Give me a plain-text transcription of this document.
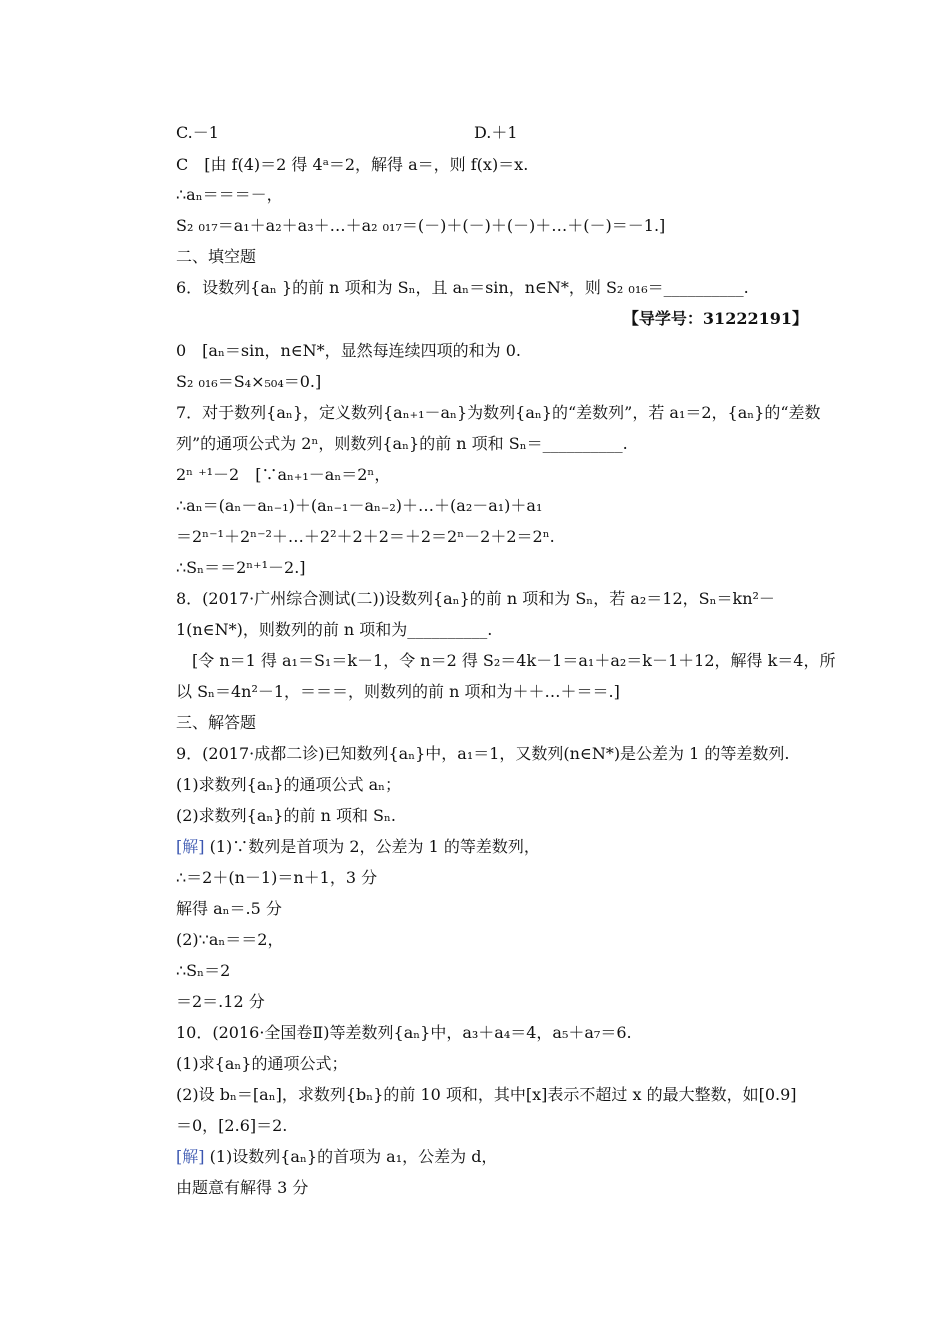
C.－1
C　[由 f(4)＝2 得 4ᵃ＝2，解得 a＝，则 f(x)＝x.
∴aₙ＝＝＝－，
S₂ ₀₁₇＝a₁＋a₂＋a₃＋…＋a₂ ₀₁₇＝(－)＋(－)＋(－)＋…＋(－)＝－1.]
二、填空题
6．设数列{aₙ }的前 n 项和为 Sₙ，且 aₙ＝sin，n∈N*，则 S₂ ₀₁₆＝__________.
0　[aₙ＝sin，n∈N*，显然每连续四项的和为 0.
S₂ ₀₁₆＝S₄×₅₀₄＝0.]
7．对于数列{aₙ}，定义数列{aₙ₊₁－aₙ}为数列{aₙ}的“差数列”，若 a₁＝2，{aₙ}的“差数
列”的通项公式为 2ⁿ，则数列{aₙ}的前 n 项和 Sₙ＝__________.
2ⁿ ⁺¹－2　[∵aₙ₊₁－aₙ＝2ⁿ，
∴aₙ＝(aₙ－aₙ₋₁)＋(aₙ₋₁－aₙ₋₂)＋…＋(a₂－a₁)＋a₁
＝2ⁿ⁻¹＋2ⁿ⁻²＋…＋2²＋2＋2＝＋2＝2ⁿ－2＋2＝2ⁿ.
∴Sₙ＝＝2ⁿ⁺¹－2.]
8．(2017·广州综合测试(二))设数列{aₙ}的前 n 项和为 Sₙ，若 a₂＝12，Sₙ＝kn²－
1(n∈N*)，则数列的前 n 项和为__________.
　[令 n＝1 得 a₁＝S₁＝k－1，令 n＝2 得 S₂＝4k－1＝a₁＋a₂＝k－1＋12，解得 k＝4，所
以 Sₙ＝4n²－1，＝＝＝，则数列的前 n 项和为＋＋…＋＝＝.]
三、解答题
9．(2017·成都二诊)已知数列{aₙ}中，a₁＝1，又数列(n∈N*)是公差为 1 的等差数列.
(1)求数列{aₙ}的通项公式 aₙ；
(2)求数列{aₙ}的前 n 项和 Sₙ.
[解] (1)∵数列是首项为 2，公差为 1 的等差数列，
∴＝2＋(n－1)＝n＋1，3 分
解得 aₙ＝.5 分
(2)∵aₙ＝＝2，
∴Sₙ＝2
＝2＝.12 分
10．(2016·全国卷Ⅱ)等差数列{aₙ}中，a₃＋a₄＝4，a₅＋a₇＝6.
(1)求{aₙ}的通项公式；
(2)设 bₙ＝[aₙ]，求数列{bₙ}的前 10 项和，其中[x]表示不超过 x 的最大整数，如[0.9]
＝0，[2.6]＝2.
[解] (1)设数列{aₙ}的首项为 a₁，公差为 d，
由题意有解得 3 分
D.＋1
【导学号：31222191】
